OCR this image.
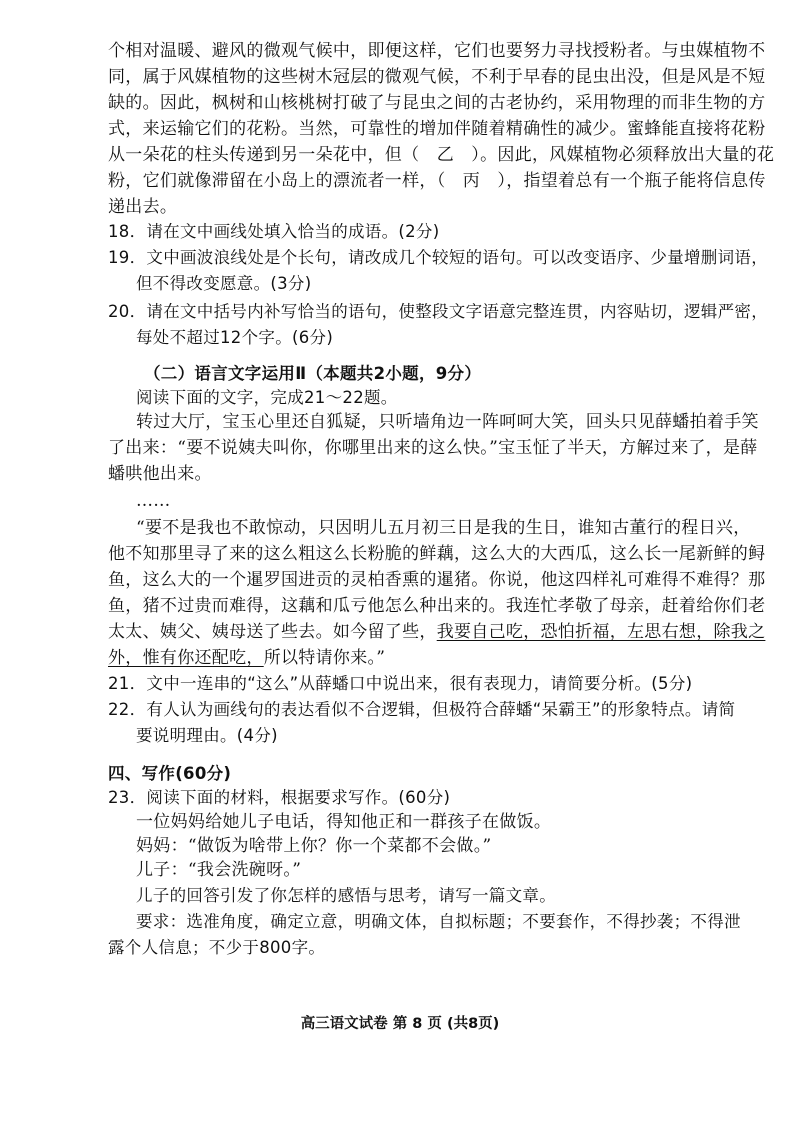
个相对温暖、避风的微观气候中，即便这样，它们也要努力寻找授粉者。与虫媒植物不
同，属于风媒植物的这些树木冠层的微观气候，不利于早春的昆虫出没，但是风是不短
缺的。因此，枫树和山核桃树打破了与昆虫之间的古老协约，采用物理的而非生物的方
式，来运输它们的花粉。当然，可靠性的增加伴随着精确性的减少。蜜蜂能直接将花粉
从一朵花的柱头传递到另一朵花中，但（　乙　）。因此，风媒植物必须释放出大量的花
粉，它们就像滞留在小岛上的漂流者一样，（　丙　），指望着总有一个瓶子能将信息传
递出去。
18．请在文中画线处填入恰当的成语。(2分)
19．文中画波浪线处是个长句，请改成几个较短的语句。可以改变语序、少量增删词语，
但不得改变愿意。(3分)
20．请在文中括号内补写恰当的语句，使整段文字语意完整连贯，内容贴切，逻辑严密，
每处不超过12个字。(6分)
（二）语言文字运用Ⅱ（本题共2小题，9分）
阅读下面的文字，完成21～22题。
转过大厅，宝玉心里还自狐疑，只听墙角边一阵呵呵大笑，回头只见薛蟠拍着手笑
了出来：“要不说姨夫叫你，你哪里出来的这么快。”宝玉怔了半天，方解过来了，是薛
蟠哄他出来。
……
“要不是我也不敢惊动，只因明儿五月初三日是我的生日，谁知古董行的程日兴，
他不知那里寻了来的这么粗这么长粉脆的鲜藕，这么大的大西瓜，这么长一尾新鲜的鲟
鱼，这么大的一个暹罗国进贡的灵柏香熏的暹猪。你说，他这四样礼可难得不难得？那
鱼，猪不过贵而难得，这藕和瓜亏他怎么种出来的。我连忙孝敬了母亲，赶着给你们老
太太、姨父、姨母送了些去。如今留了些，我要自己吃，恐怕折福，左思右想，除我之
外，惟有你还配吃，所以特请你来。”
21．文中一连串的“这么”从薛蟠口中说出来，很有表现力，请简要分析。(5分)
22．有人认为画线句的表达看似不合逻辑，但极符合薛蟠“呆霸王”的形象特点。请简
要说明理由。(4分)
四、写作(60分)
23．阅读下面的材料，根据要求写作。(60分)
一位妈妈给她儿子电话，得知他正和一群孩子在做饭。
妈妈：“做饭为啥带上你？你一个菜都不会做。”
儿子：“我会洗碗呀。”
儿子的回答引发了你怎样的感悟与思考，请写一篇文章。
要求：选准角度，确定立意，明确文体，自拟标题；不要套作，不得抄袭；不得泄
露个人信息；不少于800字。
高三语文试卷 第 8 页 (共8页)
